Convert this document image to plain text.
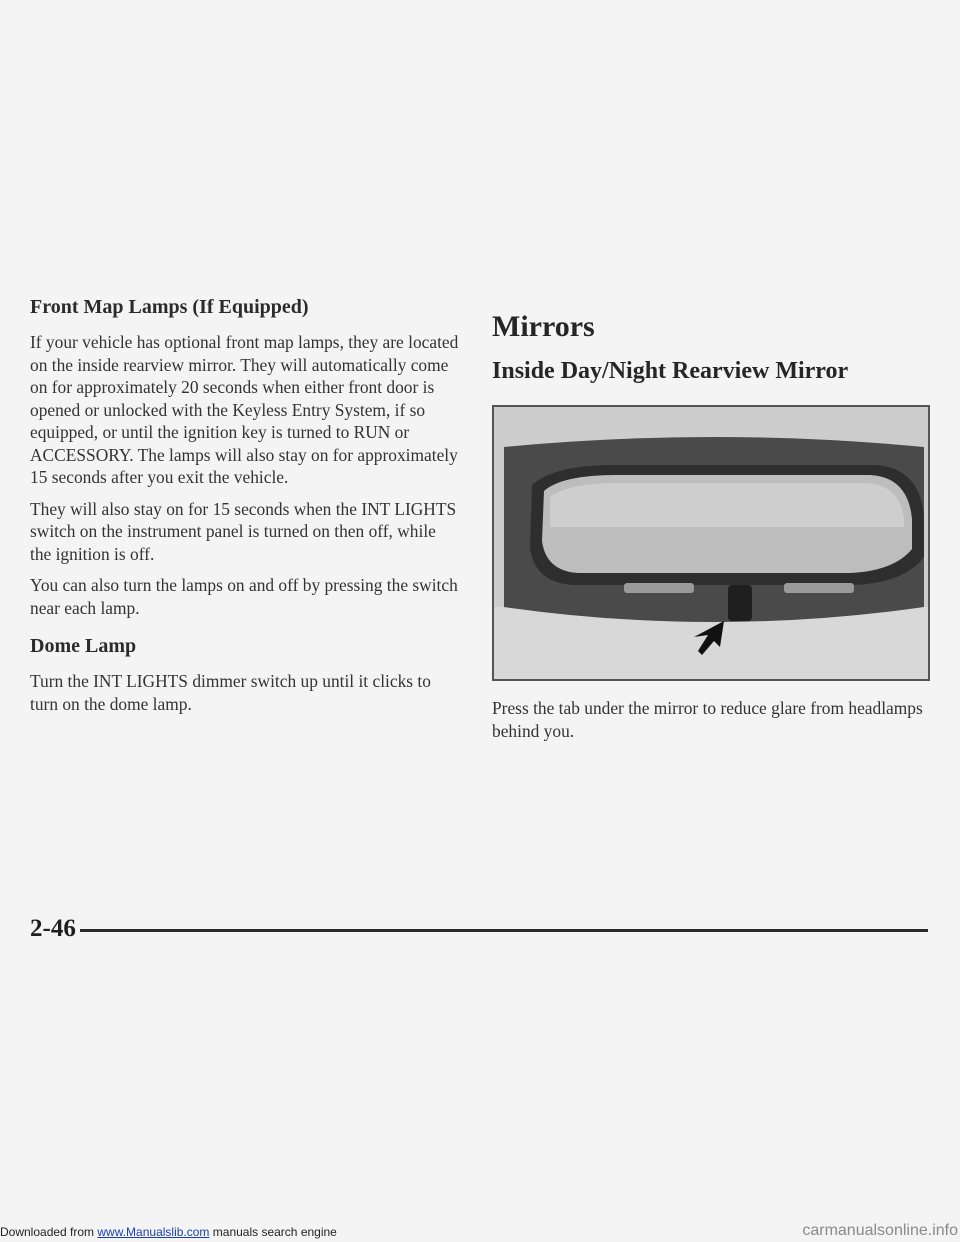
Front Map Lamps (If Equipped)

If your vehicle has optional front map lamps, they are located on the inside rearview mirror. They will automatically come on for approximately 20 seconds when either front door is opened or unlocked with the Keyless Entry System, if so equipped, or until the ignition key is turned to RUN or ACCESSORY. The lamps will also stay on for approximately 15 seconds after you exit the vehicle.

They will also stay on for 15 seconds when the INT LIGHTS switch on the instrument panel is turned on then off, while the ignition is off.

You can also turn the lamps on and off by pressing the switch near each lamp.

Dome Lamp

Turn the INT LIGHTS dimmer switch up until it clicks to turn on the dome lamp.

Mirrors
Inside Day/Night Rearview Mirror

Press the tab under the mirror to reduce glare from headlamps behind you.

2-46
Downloaded from www.Manualslib.com manuals search engine	carmanualsonline.info
